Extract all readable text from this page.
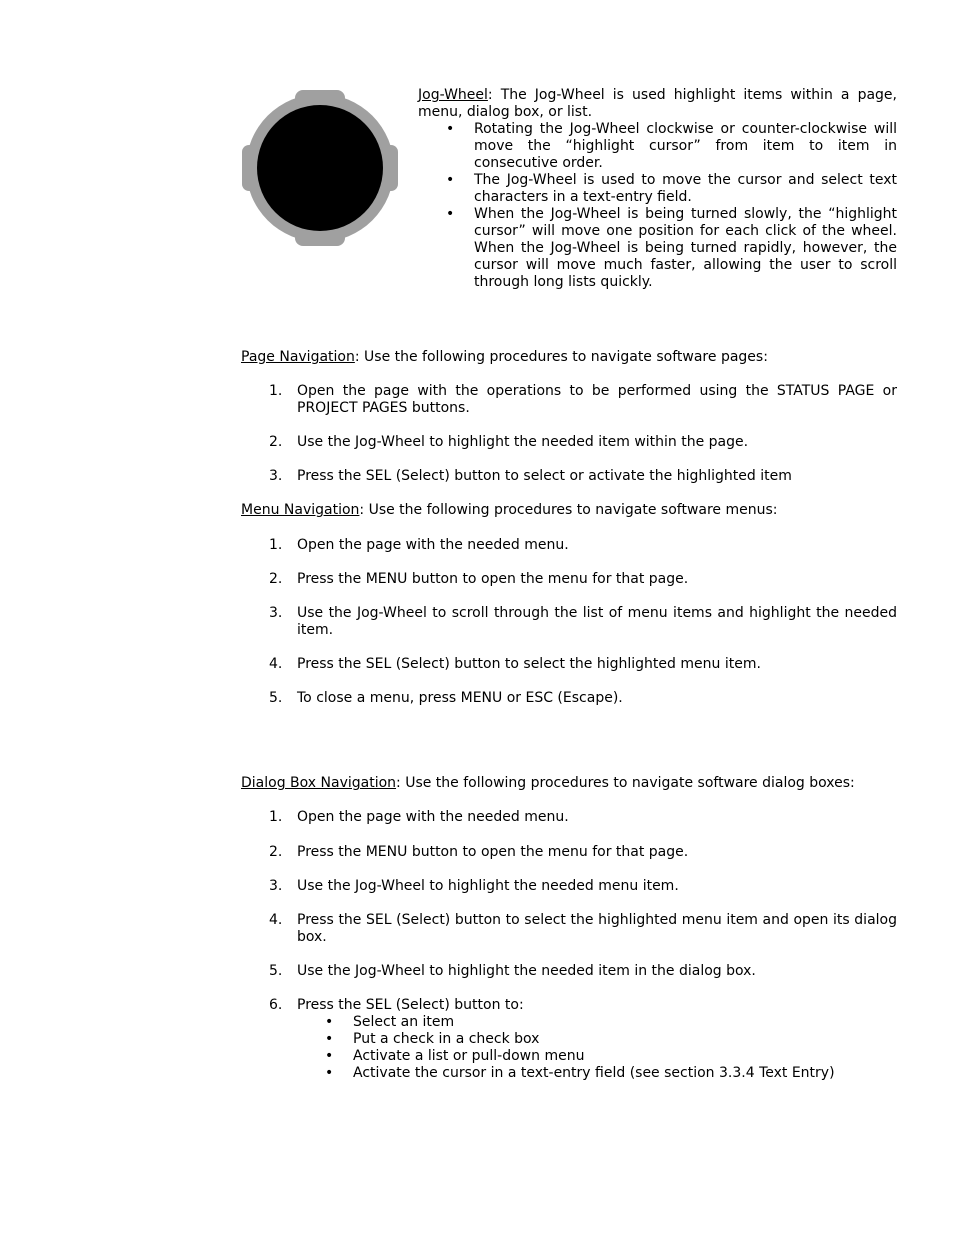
Jog-Wheel: The Jog-Wheel is used highlight items within a page, menu, dialog box, or list.

• Rotating the Jog-Wheel clockwise or counter-clockwise will move the “highlight cursor” from item to item in consecutive order.
• The Jog-Wheel is used to move the cursor and select text characters in a text-entry field.
• When the Jog-Wheel is being turned slowly, the “highlight cursor” will move one position for each click of the wheel. When the Jog-Wheel is being turned rapidly, however, the cursor will move much faster, allowing the user to scroll through long lists quickly.
Page Navigation: Use the following procedures to navigate software pages:
1.	Open the page with the operations to be performed using the STATUS PAGE or PROJECT PAGES buttons.
2.	Use the Jog-Wheel to highlight the needed item within the page.
3.	Press the SEL (Select) button to select or activate the highlighted item
Menu Navigation: Use the following procedures to navigate software menus:
1.	Open the page with the needed menu.
2.	Press the MENU button to open the menu for that page.
3.	Use the Jog-Wheel to scroll through the list of menu items and highlight the needed item.
4.	Press the SEL (Select) button to select the highlighted menu item.
5.	To close a menu, press MENU or ESC (Escape).
Dialog Box Navigation: Use the following procedures to navigate software dialog boxes:
1.	Open the page with the needed menu.
2.	Press the MENU button to open the menu for that page.
3.	Use the Jog-Wheel to highlight the needed menu item.
4.	Press the SEL (Select) button to select the highlighted menu item and open its dialog box.
5.	Use the Jog-Wheel to highlight the needed item in the dialog box.
6.	Press the SEL (Select) button to:
•	Select an item
•	Put a check in a check box
•	Activate a list or pull-down menu
•	Activate the cursor in a text-entry field (see section 3.3.4 Text Entry)
